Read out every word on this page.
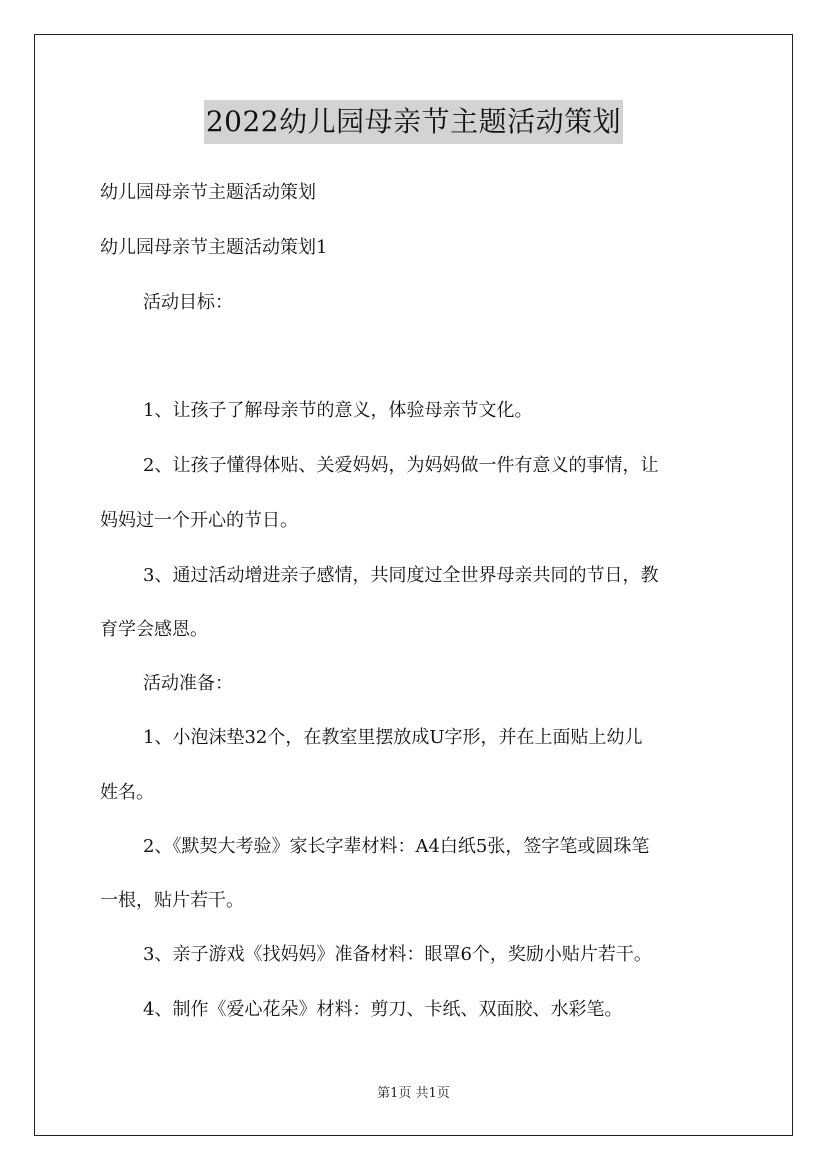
2022幼儿园母亲节主题活动策划

幼儿园母亲节主题活动策划

幼儿园母亲节主题活动策划1

活动目标：

1、让孩子了解母亲节的意义，体验母亲节文化。

2、让孩子懂得体贴、关爱妈妈，为妈妈做一件有意义的事情，让

妈妈过一个开心的节日。

3、通过活动增进亲子感情，共同度过全世界母亲共同的节日，教

育学会感恩。

活动准备：

1、小泡沫垫32个，在教室里摆放成U字形，并在上面贴上幼儿

姓名。

2、《默契大考验》家长字辈材料：A4白纸5张，签字笔或圆珠笔

一根，贴片若干。

3、亲子游戏《找妈妈》准备材料：眼罩6个，奖励小贴片若干。

4、制作《爱心花朵》材料：剪刀、卡纸、双面胶、水彩笔。

第1页 共1页
